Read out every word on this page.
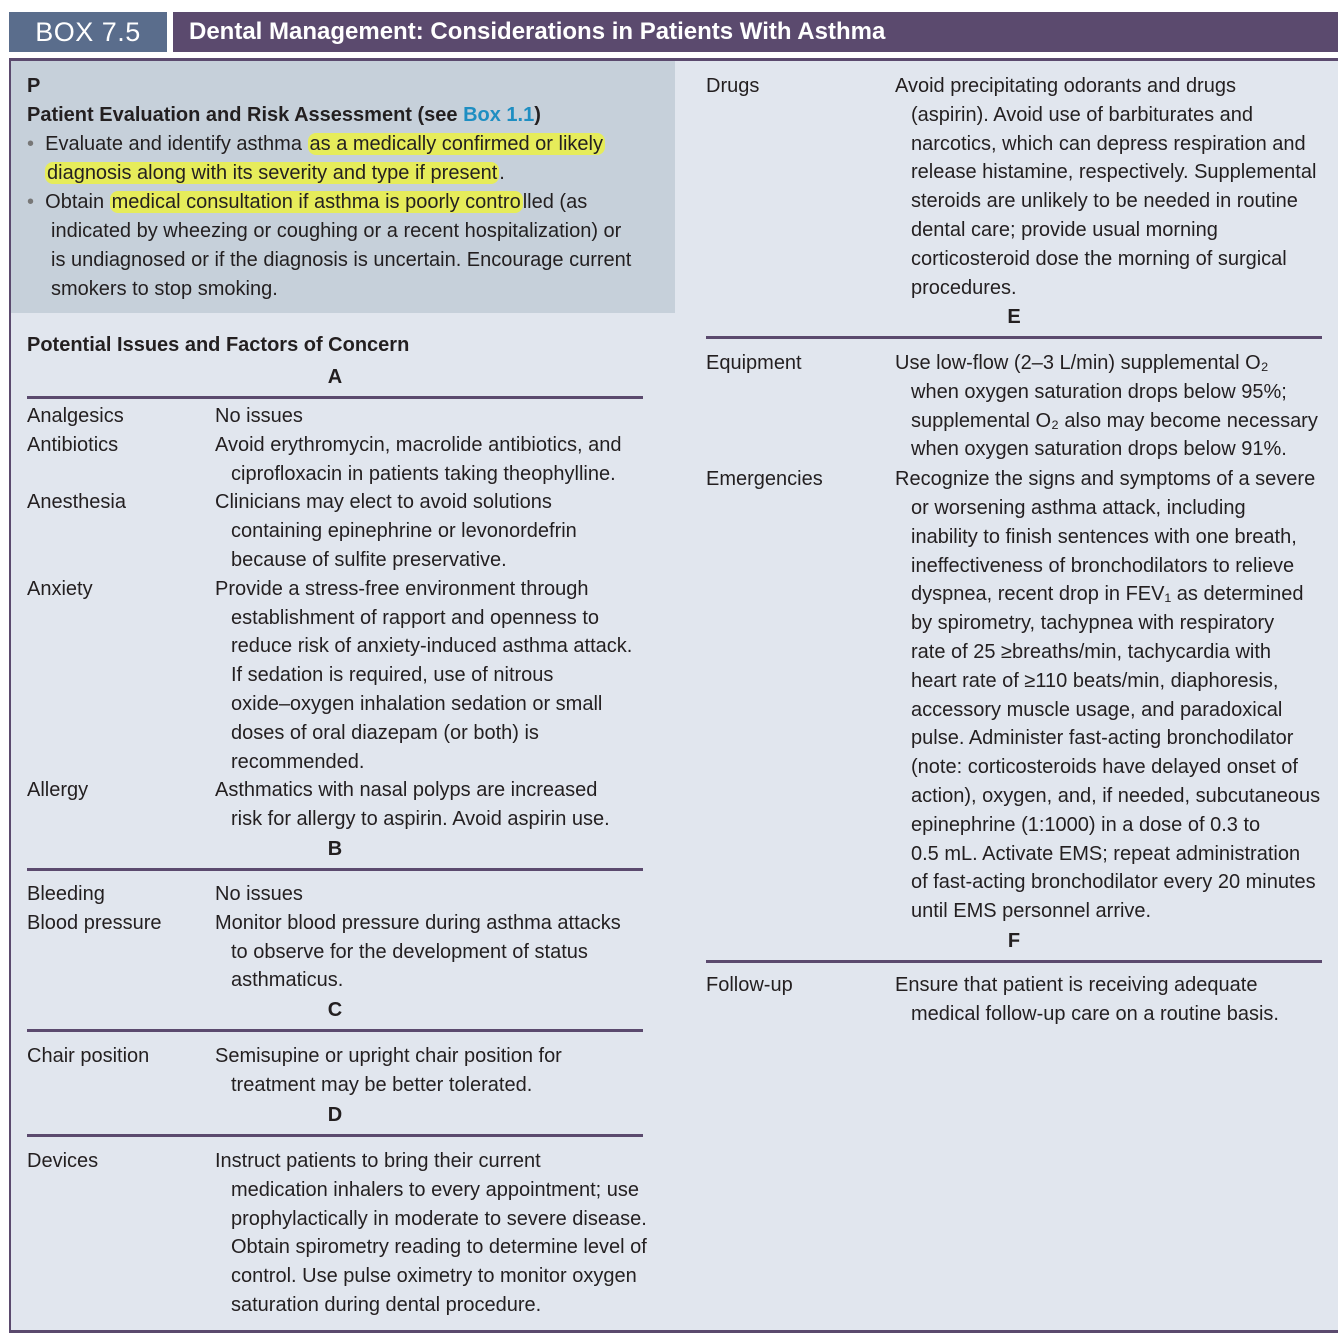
BOX 7.5	Dental Management: Considerations in Patients With Asthma
P
Patient Evaluation and Risk Assessment (see Box 1.1)
• Evaluate and identify asthma as a medically confirmed or likely
diagnosis along with its severity and type if present .
• Obtain medical consultation if asthma is poorly contro lled (as
indicated by wheezing or coughing or a recent hospitalization) or
is undiagnosed or if the diagnosis is uncertain. Encourage current
smokers to stop smoking.
Potential Issues and Factors of Concern
A
Analgesics	No issues
Antibiotics	Avoid erythromycin, macrolide antibiotics, and
ciprofloxacin in patients taking theophylline.
Anesthesia	Clinicians may elect to avoid solutions
containing epinephrine or levonordefrin
because of sulfite preservative.
Anxiety	Provide a stress-free environment through
establishment of rapport and openness to
reduce risk of anxiety-induced asthma attack.
If sedation is required, use of nitrous
oxide–oxygen inhalation sedation or small
doses of oral diazepam (or both) is
recommended.
Allergy	Asthmatics with nasal polyps are increased
risk for allergy to aspirin. Avoid aspirin use.
B
Bleeding	No issues
Blood pressure	Monitor blood pressure during asthma attacks
to observe for the development of status
asthmaticus.
C
Chair position	Semisupine or upright chair position for
treatment may be better tolerated.
D
Devices	Instruct patients to bring their current
medication inhalers to every appointment; use
prophylactically in moderate to severe disease.
Obtain spirometry reading to determine level of
control. Use pulse oximetry to monitor oxygen
saturation during dental procedure.
Drugs	Avoid precipitating odorants and drugs
(aspirin). Avoid use of barbiturates and
narcotics, which can depress respiration and
release histamine, respectively. Supplemental
steroids are unlikely to be needed in routine
dental care; provide usual morning
corticosteroid dose the morning of surgical
procedures.
E
Equipment	Use low-flow (2–3 L/min) supplemental O₂
when oxygen saturation drops below 95%;
supplemental O₂ also may become necessary
when oxygen saturation drops below 91%.
Emergencies	Recognize the signs and symptoms of a severe
or worsening asthma attack, including
inability to finish sentences with one breath,
ineffectiveness of bronchodilators to relieve
dyspnea, recent drop in FEV₁ as determined
by spirometry, tachypnea with respiratory
rate of 25 ≥breaths/min, tachycardia with
heart rate of ≥110 beats/min, diaphoresis,
accessory muscle usage, and paradoxical
pulse. Administer fast-acting bronchodilator
(note: corticosteroids have delayed onset of
action), oxygen, and, if needed, subcutaneous
epinephrine (1:1000) in a dose of 0.3 to
0.5 mL. Activate EMS; repeat administration
of fast-acting bronchodilator every 20 minutes
until EMS personnel arrive.
F
Follow-up	Ensure that patient is receiving adequate
medical follow-up care on a routine basis.
